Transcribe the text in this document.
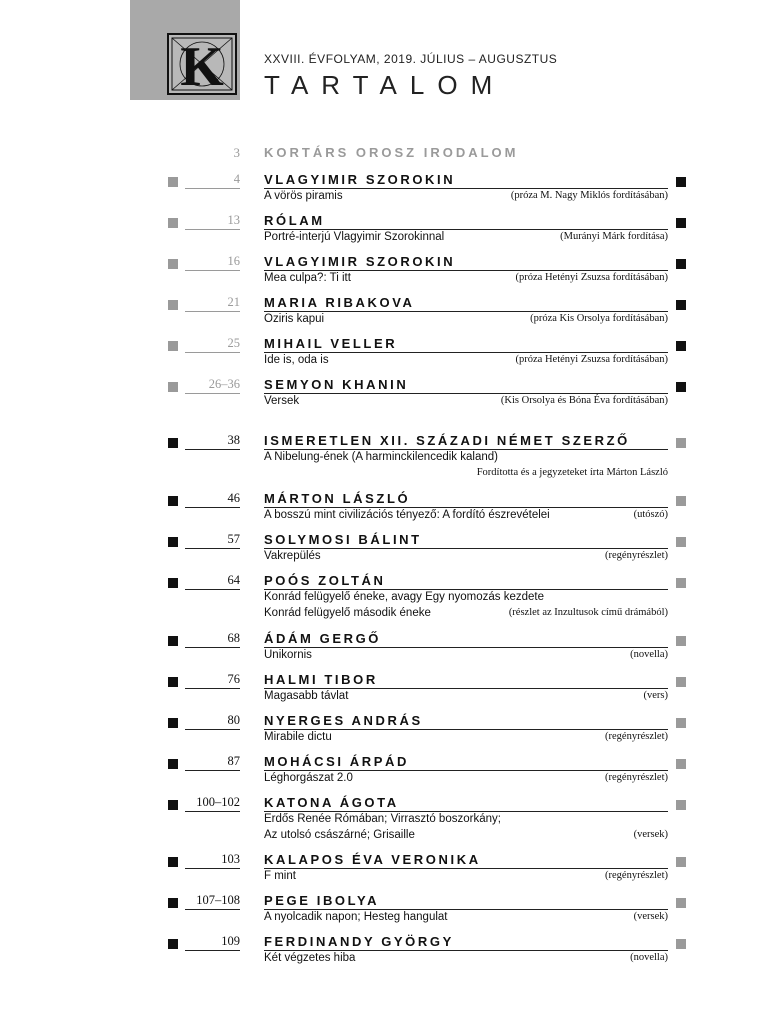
K	XXVIII. ÉVFOLYAM, 2019. JÚLIUS – AUGUSZTUS
TARTALOM
3 KORTÁRS OROSZ IRODALOM
4 VLAGYIMIR SZOROKIN
A vörös piramis	(próza M. Nagy Miklós fordításában)
13 RÓLAM
Portré-interjú Vlagyimir Szorokinnal	(Murányi Márk fordítása)
16 VLAGYIMIR SZOROKIN
Mea culpa?: Ti itt	(próza Hetényi Zsuzsa fordításában)
21 MARIA RIBAKOVA
Oziris kapui	(próza Kis Orsolya fordításában)
25 MIHAIL VELLER
Ide is, oda is	(próza Hetényi Zsuzsa fordításában)
26–36 SEMYON KHANIN
Versek	(Kis Orsolya és Bóna Éva fordításában)
38 ISMERETLEN XII. SZÁZADI NÉMET SZERZŐ
A Nibelung-ének (A harminckilencedik kaland)
Fordította és a jegyzeteket írta Márton László
46 MÁRTON LÁSZLÓ
A bosszú mint civilizációs tényező: A fordító észrevételei	(utószó)
57 SOLYMOSI BÁLINT
Vakrepülés	(regényrészlet)
64 POÓS ZOLTÁN
Konrád felügyelő éneke, avagy Egy nyomozás kezdete
Konrád felügyelő második éneke	(részlet az Inzultusok című drámából)
68 ÁDÁM GERGŐ
Unikornis	(novella)
76 HALMI TIBOR
Magasabb távlat	(vers)
80 NYERGES ANDRÁS
Mirabile dictu	(regényrészlet)
87 MOHÁCSI ÁRPÁD
Léghorgászat 2.0	(regényrészlet)
100–102 KATONA ÁGOTA
Erdős Renée Rómában; Virrasztó boszorkány;
Az utolsó császárné; Grisaille	(versek)
103 KALAPOS ÉVA VERONIKA
F mint	(regényrészlet)
107–108 PEGE IBOLYA
A nyolcadik napon; Hesteg hangulat	(versek)
109 FERDINANDY GYÖRGY
Két végzetes hiba	(novella)
